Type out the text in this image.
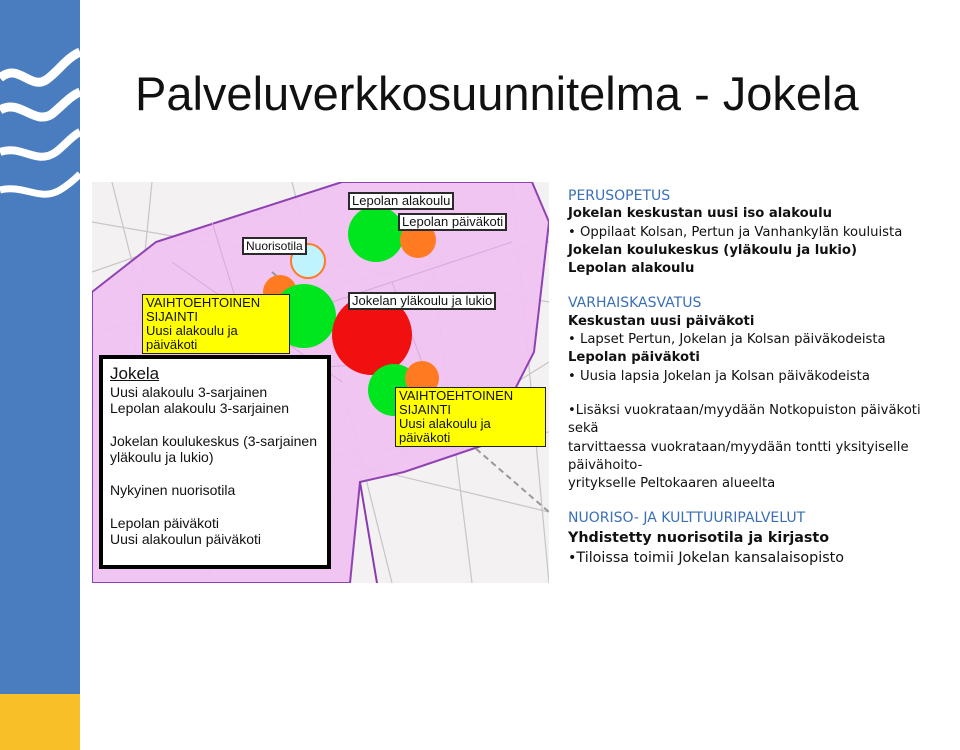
Palveluverkkosuunnitelma - Jokela
Lepolan alakoulu
Lepolan päiväkoti
Nuorisotila
Jokelan yläkoulu ja lukio
VAIHTOEHTOINEN
SIJAINTI
Uusi alakoulu ja päiväkoti
VAIHTOEHTOINEN
SIJAINTI
Uusi alakoulu ja päiväkoti
Jokela
Uusi alakoulu 3-sarjainen
Lepolan alakoulu 3-sarjainen
Jokelan koulukeskus (3-sarjainen
yläkoulu ja lukio)
Nykyinen nuorisotila
Lepolan päiväkoti
Uusi alakoulun päiväkoti
PERUSOPETUS
Jokelan keskustan uusi iso alakoulu
• Oppilaat Kolsan, Pertun ja Vanhankylän kouluista
Jokelan koulukeskus (yläkoulu ja lukio)
Lepolan alakoulu
VARHAISKASVATUS
Keskustan uusi päiväkoti
• Lapset Pertun, Jokelan ja Kolsan päiväkodeista
Lepolan päiväkoti
• Uusia lapsia Jokelan ja Kolsan päiväkodeista
•Lisäksi vuokrataan/myydään Notkopuiston päiväkoti sekä
tarvittaessa vuokrataan/myydään tontti yksityiselle päivähoito-
yritykselle Peltokaaren alueelta
NUORISO- JA KULTTUURIPALVELUT
Yhdistetty nuorisotila ja kirjasto
•Tiloissa toimii Jokelan kansalaisopisto
